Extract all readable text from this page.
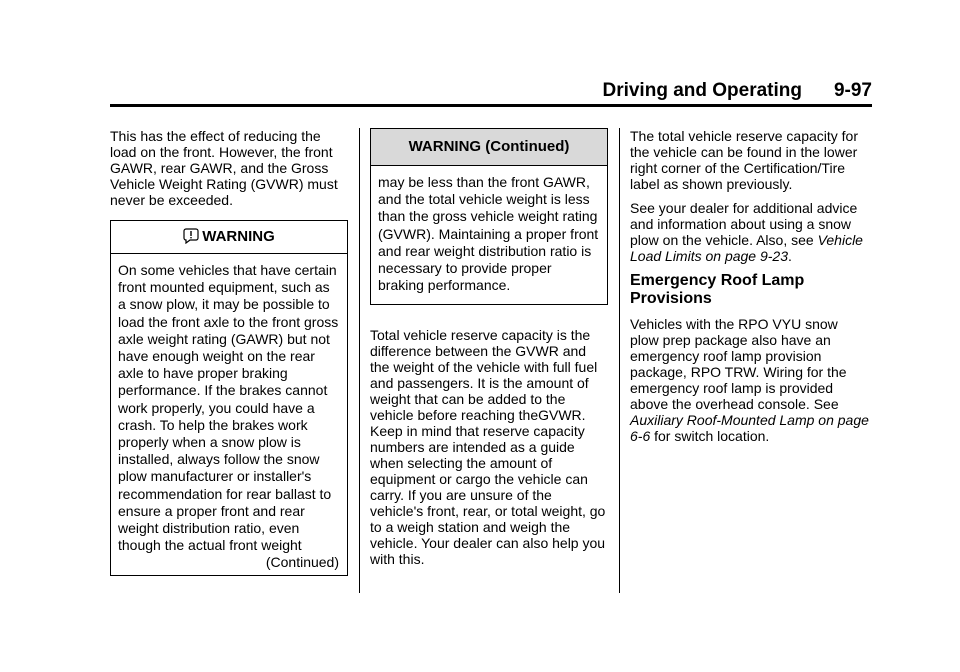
Driving and Operating 9-97

This has the effect of reducing the load on the front. However, the front GAWR, rear GAWR, and the Gross Vehicle Weight Rating (GVWR) must never be exceeded.

WARNING
On some vehicles that have certain front mounted equipment, such as a snow plow, it may be possible to load the front axle to the front gross axle weight rating (GAWR) but not have enough weight on the rear axle to have proper braking performance. If the brakes cannot work properly, you could have a crash. To help the brakes work properly when a snow plow is installed, always follow the snow plow manufacturer or installer's recommendation for rear ballast to ensure a proper front and rear weight distribution ratio, even though the actual front weight
(Continued)
WARNING (Continued)
may be less than the front GAWR, and the total vehicle weight is less than the gross vehicle weight rating (GVWR). Maintaining a proper front and rear weight distribution ratio is necessary to provide proper braking performance.

Total vehicle reserve capacity is the difference between the GVWR and the weight of the vehicle with full fuel and passengers. It is the amount of weight that can be added to the vehicle before reaching theGVWR. Keep in mind that reserve capacity numbers are intended as a guide when selecting the amount of equipment or cargo the vehicle can carry. If you are unsure of the vehicle's front, rear, or total weight, go to a weigh station and weigh the vehicle. Your dealer can also help you with this.

The total vehicle reserve capacity for the vehicle can be found in the lower right corner of the Certification/Tire label as shown previously.

See your dealer for additional advice and information about using a snow plow on the vehicle. Also, see Vehicle Load Limits on page 9-23.

Emergency Roof Lamp Provisions

Vehicles with the RPO VYU snow plow prep package also have an emergency roof lamp provision package, RPO TRW. Wiring for the emergency roof lamp is provided above the overhead console. See Auxiliary Roof-Mounted Lamp on page 6-6 for switch location.
